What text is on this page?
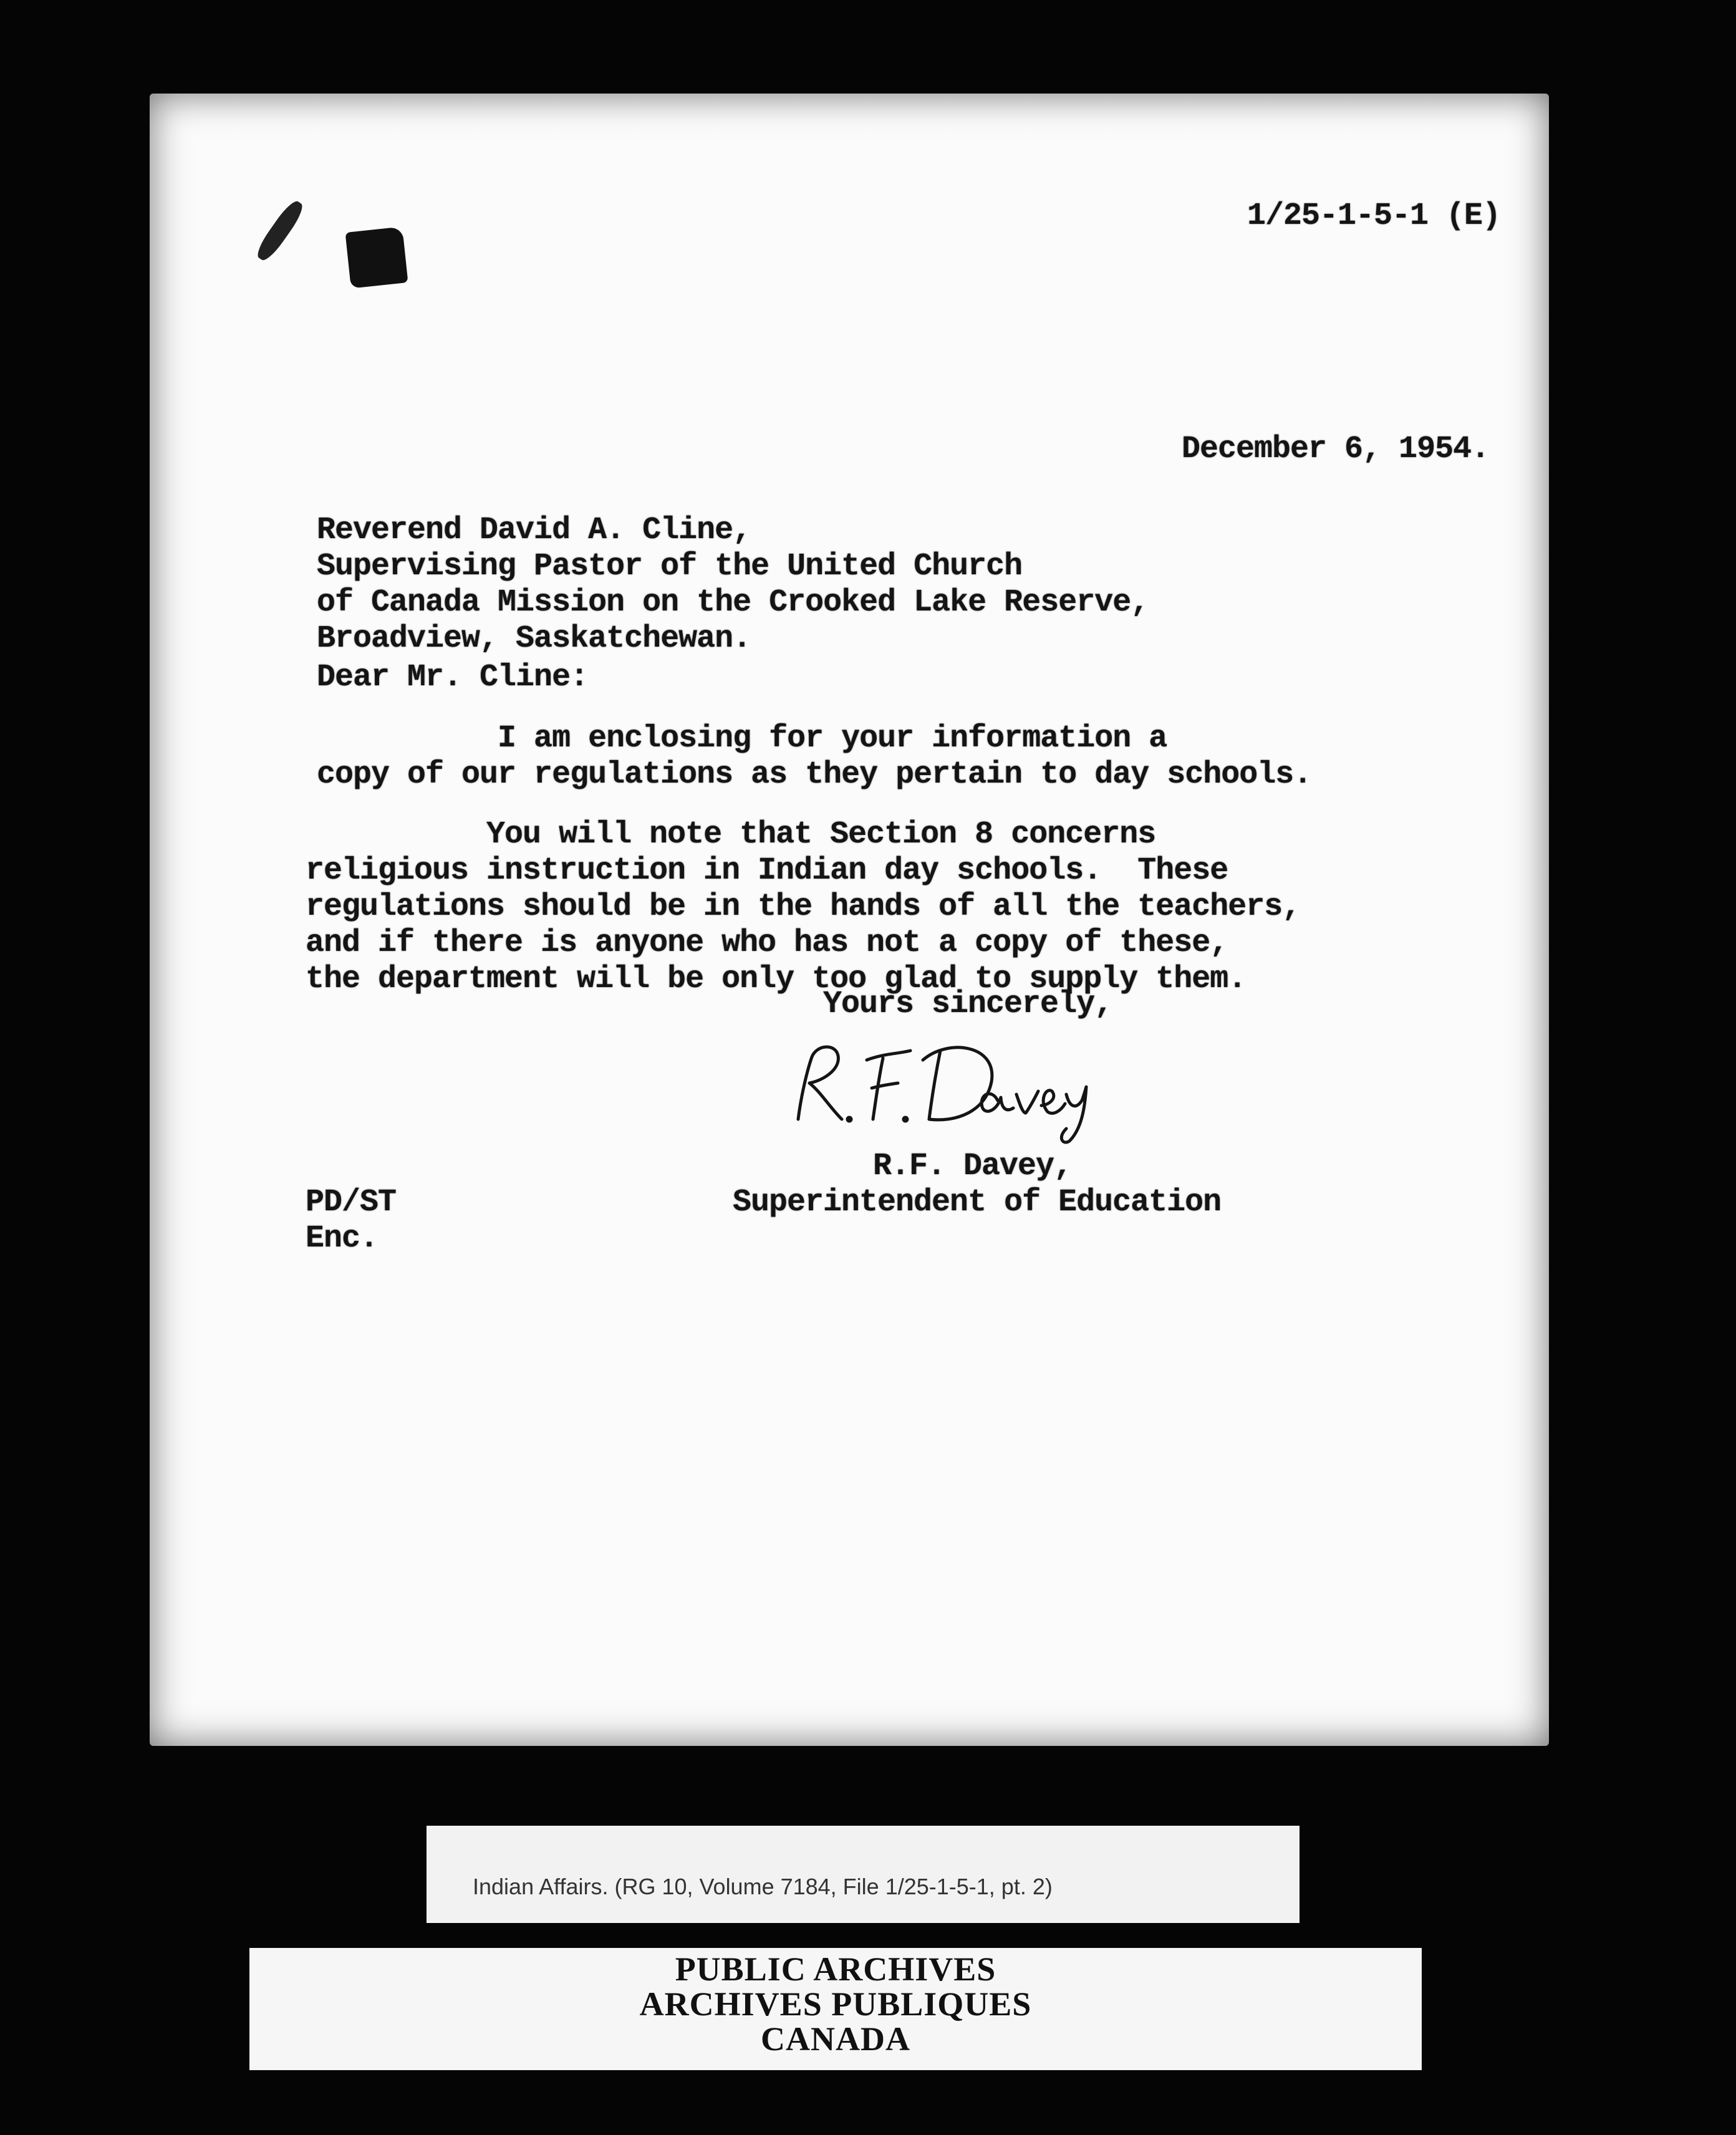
1/25-1-5-1 (E)
December 6, 1954.
Reverend David A. Cline,
Supervising Pastor of the United Church
of Canada Mission on the Crooked Lake Reserve,
Broadview, Saskatchewan.
Dear Mr. Cline:
I am enclosing for your information a
copy of our regulations as they pertain to day schools.
You will note that Section 8 concerns
religious instruction in Indian day schools.  These
regulations should be in the hands of all the teachers,
and if there is anyone who has not a copy of these,
the department will be only too glad to supply them.
Yours sincerely,
R.F. Davey,
Superintendent of Education
PD/ST
Enc.
Indian Affairs. (RG 10, Volume 7184, File 1/25-1-5-1, pt. 2)
PUBLIC ARCHIVES
ARCHIVES PUBLIQUES
CANADA
